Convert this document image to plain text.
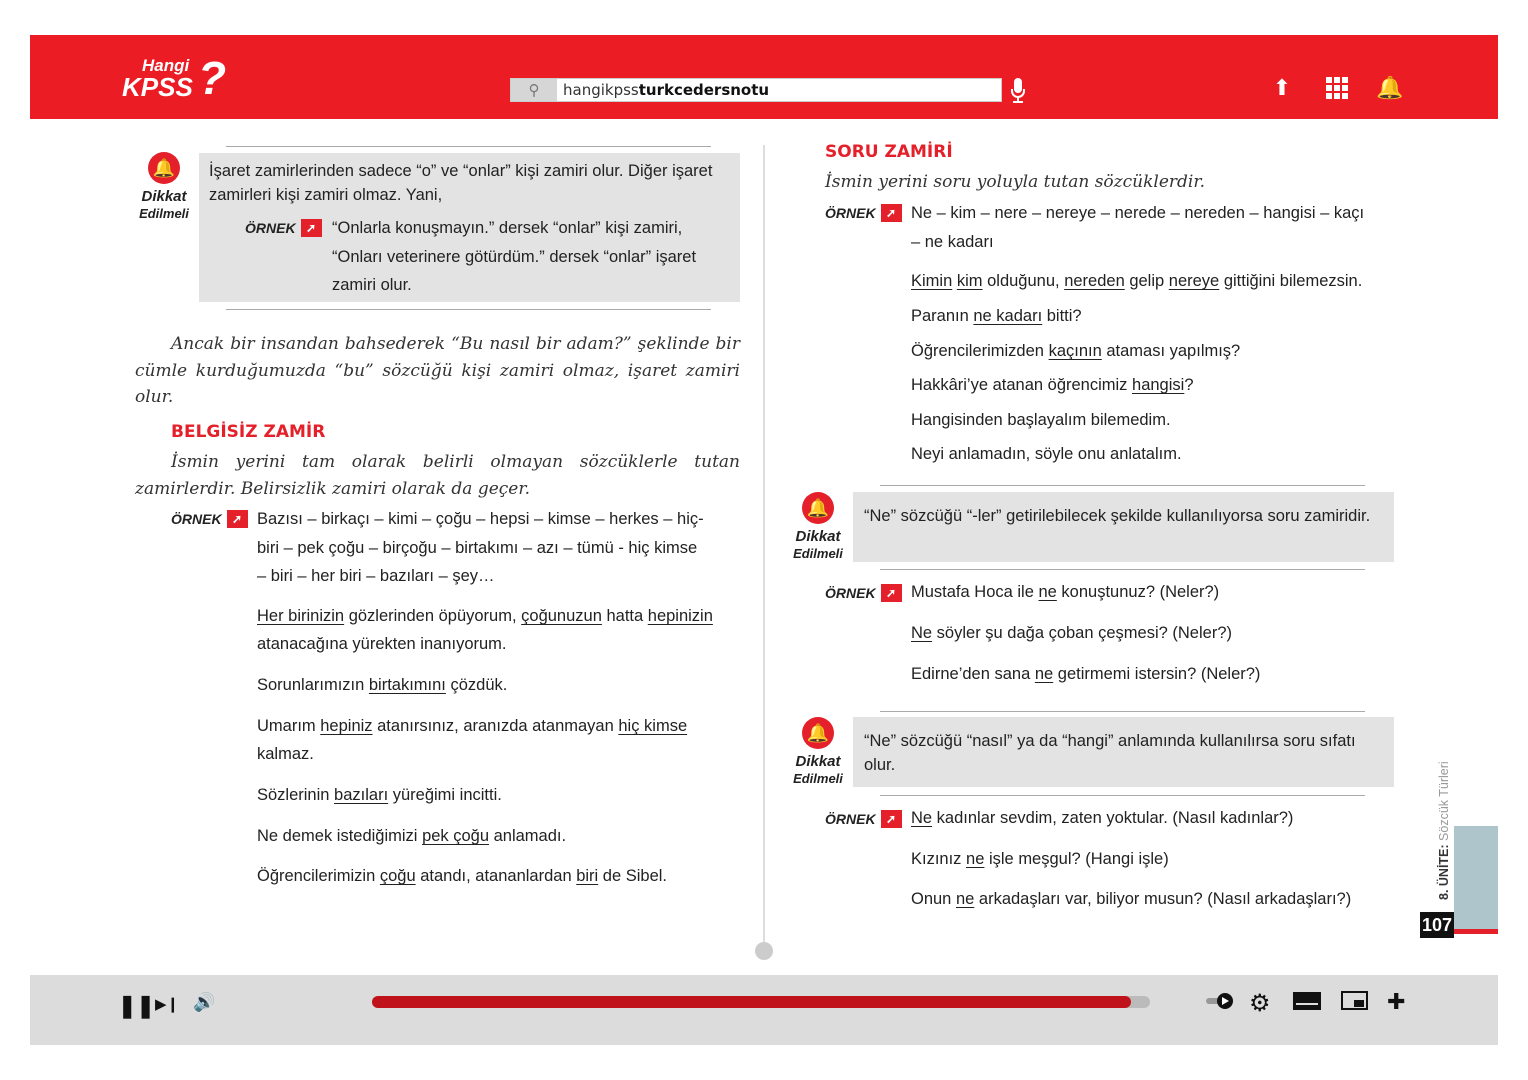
Hangi
KPSS ?	⚲	hangikpssturkcedersnotu	⬆	🔔
🔔
Dikkat
Edilmeli
İşaret zamirlerinden sadece “o” ve “onlar” kişi zamiri olur. Diğer işaret zamirleri kişi zamiri olmaz. Yani,
ÖRNEK ➚ “Onlarla konuşmayın.” dersek “onlar” kişi zamiri,
“Onları veterinere götürdüm.” dersek “onlar” işaret
zamiri olur.
Ancak bir insandan bahsederek “Bu nasıl bir adam?” şeklinde bir cümle kurduğumuzda “bu” sözcüğü kişi zamiri olmaz, işaret zamiri olur.
BELGİSİZ ZAMİR
İsmin yerini tam olarak belirli olmayan sözcüklerle tutan zamirlerdir. Belirsizlik zamiri olarak da geçer.
ÖRNEK ➚ Bazısı – birkaçı – kimi – çoğu – hepsi – kimse – herkes – hiç-
biri – pek çoğu – birçoğu – birtakımı – azı – tümü - hiç kimse
– biri – her biri – bazıları – şey…
Her birinizin gözlerinden öpüyorum, çoğunuzun hatta hepinizin
atanacağına yürekten inanıyorum.
Sorunlarımızın birtakımını çözdük.
Umarım hepiniz atanırsınız, aranızda atanmayan hiç kimse
kalmaz.
Sözlerinin bazıları yüreğimi incitti.
Ne demek istediğimizi pek çoğu anlamadı.
Öğrencilerimizin çoğu atandı, atananlardan biri de Sibel.
SORU ZAMİRİ
İsmin yerini soru yoluyla tutan sözcüklerdir.
ÖRNEK ➚ Ne – kim – nere – nereye – nerede – nereden – hangisi – kaçı
– ne kadarı
Kimin kim olduğunu, nereden gelip nereye gittiğini bilemezsin.
Paranın ne kadarı bitti?
Öğrencilerimizden kaçının ataması yapılmış?
Hakkâri’ye atanan öğrencimiz hangisi?
Hangisinden başlayalım bilemedim.
Neyi anlamadın, söyle onu anlatalım.
🔔
Dikkat
Edilmeli
“Ne” sözcüğü “-ler” getirilebilecek şekilde kullanılıyorsa soru zamiridir.
ÖRNEK ➚ Mustafa Hoca ile ne konuştunuz? (Neler?)
Ne söyler şu dağa çoban çeşmesi? (Neler?)
Edirne’den sana ne getirmemi istersin? (Neler?)
🔔
Dikkat
Edilmeli
“Ne” sözcüğü “nasıl” ya da “hangi” anlamında kullanılırsa soru sıfatı olur.
ÖRNEK ➚ Ne kadınlar sevdim, zaten yoktular. (Nasıl kadınlar?)
Kızınız ne işle meşgul? (Hangi işle)
Onun ne arkadaşları var, biliyor musun? (Nasıl arkadaşları?)	8. ÜNİTE: Sözcük Türleri
107
❚❚ ▶❙ 🔊	⚙	✚
